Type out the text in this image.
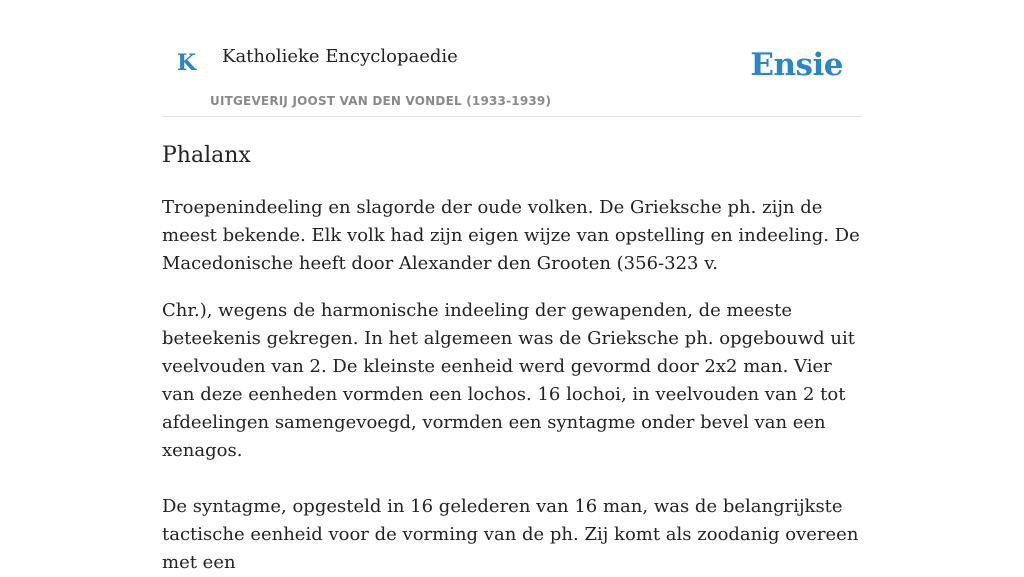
K Katholieke Encyclopaedie
UITGEVERIJ JOOST VAN DEN VONDEL (1933-1939)
Ensie
Phalanx

Troepenindeeling en slagorde der oude volken. De Grieksche ph. zijn de meest bekende. Elk volk had zijn eigen wijze van opstelling en indeeling. De Macedonische heeft door Alexander den Grooten (356-323 v.

Chr.), wegens de harmonische indeeling der gewapenden, de meeste beteekenis gekregen. In het algemeen was de Grieksche ph. opgebouwd uit veelvouden van 2. De kleinste eenheid werd gevormd door 2x2 man. Vier van deze eenheden vormden een lochos. 16 lochoi, in veelvouden van 2 tot afdeelingen samengevoegd, vormden een syntagme onder bevel van een xenagos.

De syntagme, opgesteld in 16 gelederen van 16 man, was de belangrijkste tactische eenheid voor de vorming van de ph. Zij komt als zoodanig overeen met een
